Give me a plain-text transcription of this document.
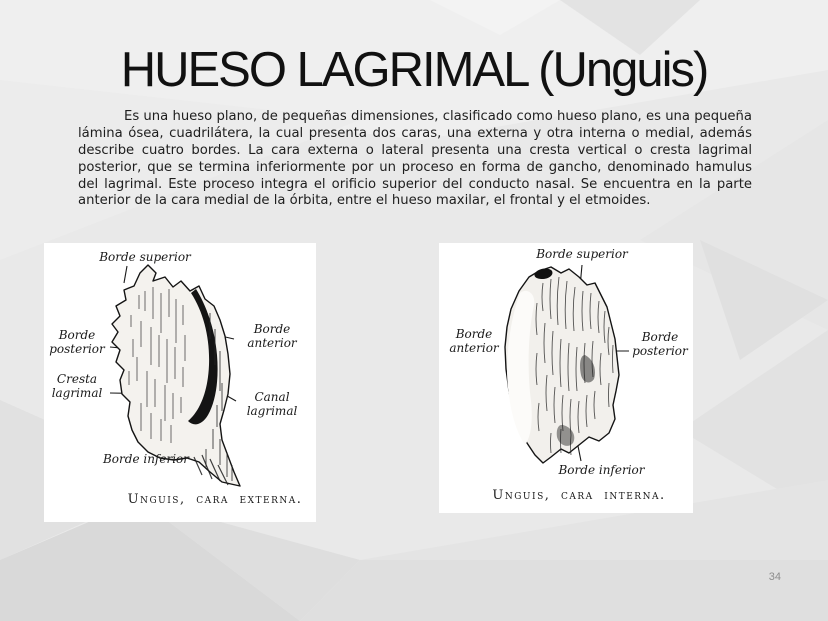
HUESO LAGRIMAL (Unguis)
Es una hueso plano, de pequeñas dimensiones, clasificado como hueso plano, es una pequeña lámina ósea, cuadrilátera, la cual presenta dos caras, una externa y otra interna o medial, además describe cuatro bordes. La cara externa o lateral presenta una cresta vertical o cresta lagrimal posterior, que se termina inferiormente por un proceso en forma de gancho, denominado hamulus del lagrimal. Este proceso integra el orificio superior del conducto nasal. Se encuentra en la parte anterior de la cara medial de la órbita, entre el hueso maxilar, el frontal y el etmoides.
Borde superior
Borde posterior
Cresta lagrimal
Borde anterior
Canal lagrimal
Borde inferior
Unguis, cara externa.
Borde superior
Borde anterior
Borde posterior
Borde inferior
Unguis, cara interna.
34
